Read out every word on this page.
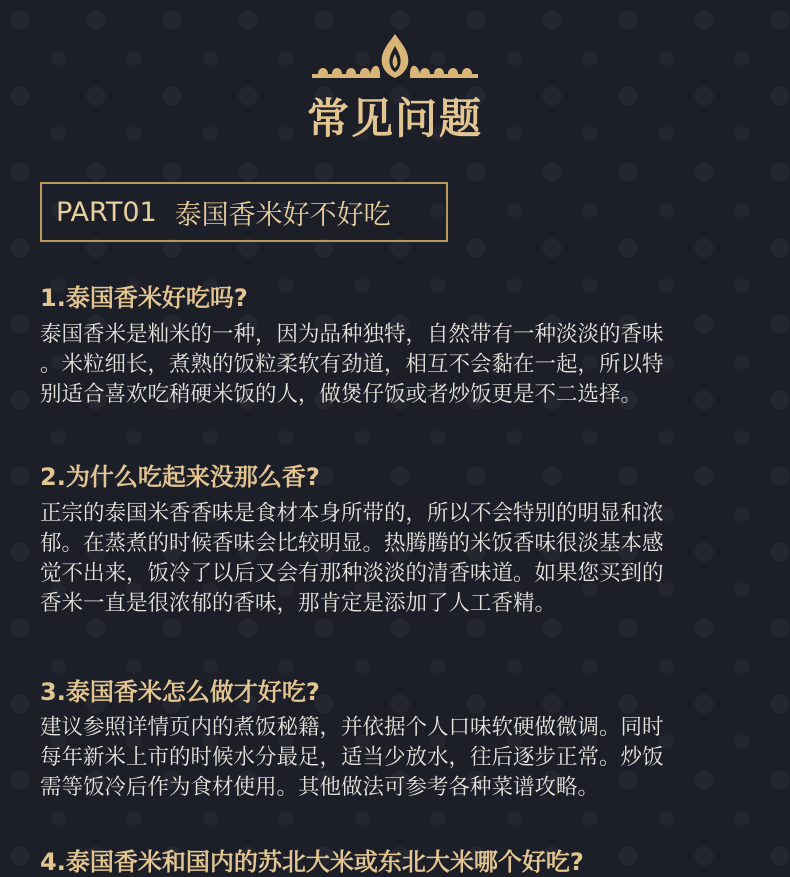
常见问题
PART01 泰国香米好不好吃
1.泰国香米好吃吗?
泰国香米是籼米的一种，因为品种独特，自然带有一种淡淡的香味
。米粒细长，煮熟的饭粒柔软有劲道，相互不会黏在一起，所以特
别适合喜欢吃稍硬米饭的人，做煲仔饭或者炒饭更是不二选择。
2.为什么吃起来没那么香?
正宗的泰国米香香味是食材本身所带的，所以不会特别的明显和浓
郁。在蒸煮的时候香味会比较明显。热腾腾的米饭香味很淡基本感
觉不出来，饭冷了以后又会有那种淡淡的清香味道。如果您买到的
香米一直是很浓郁的香味，那肯定是添加了人工香精。
3.泰国香米怎么做才好吃?
建议参照详情页内的煮饭秘籍，并依据个人口味软硬做微调。同时
每年新米上市的时候水分最足，适当少放水，往后逐步正常。炒饭
需等饭冷后作为食材使用。其他做法可参考各种菜谱攻略。
4.泰国香米和国内的苏北大米或东北大米哪个好吃?
